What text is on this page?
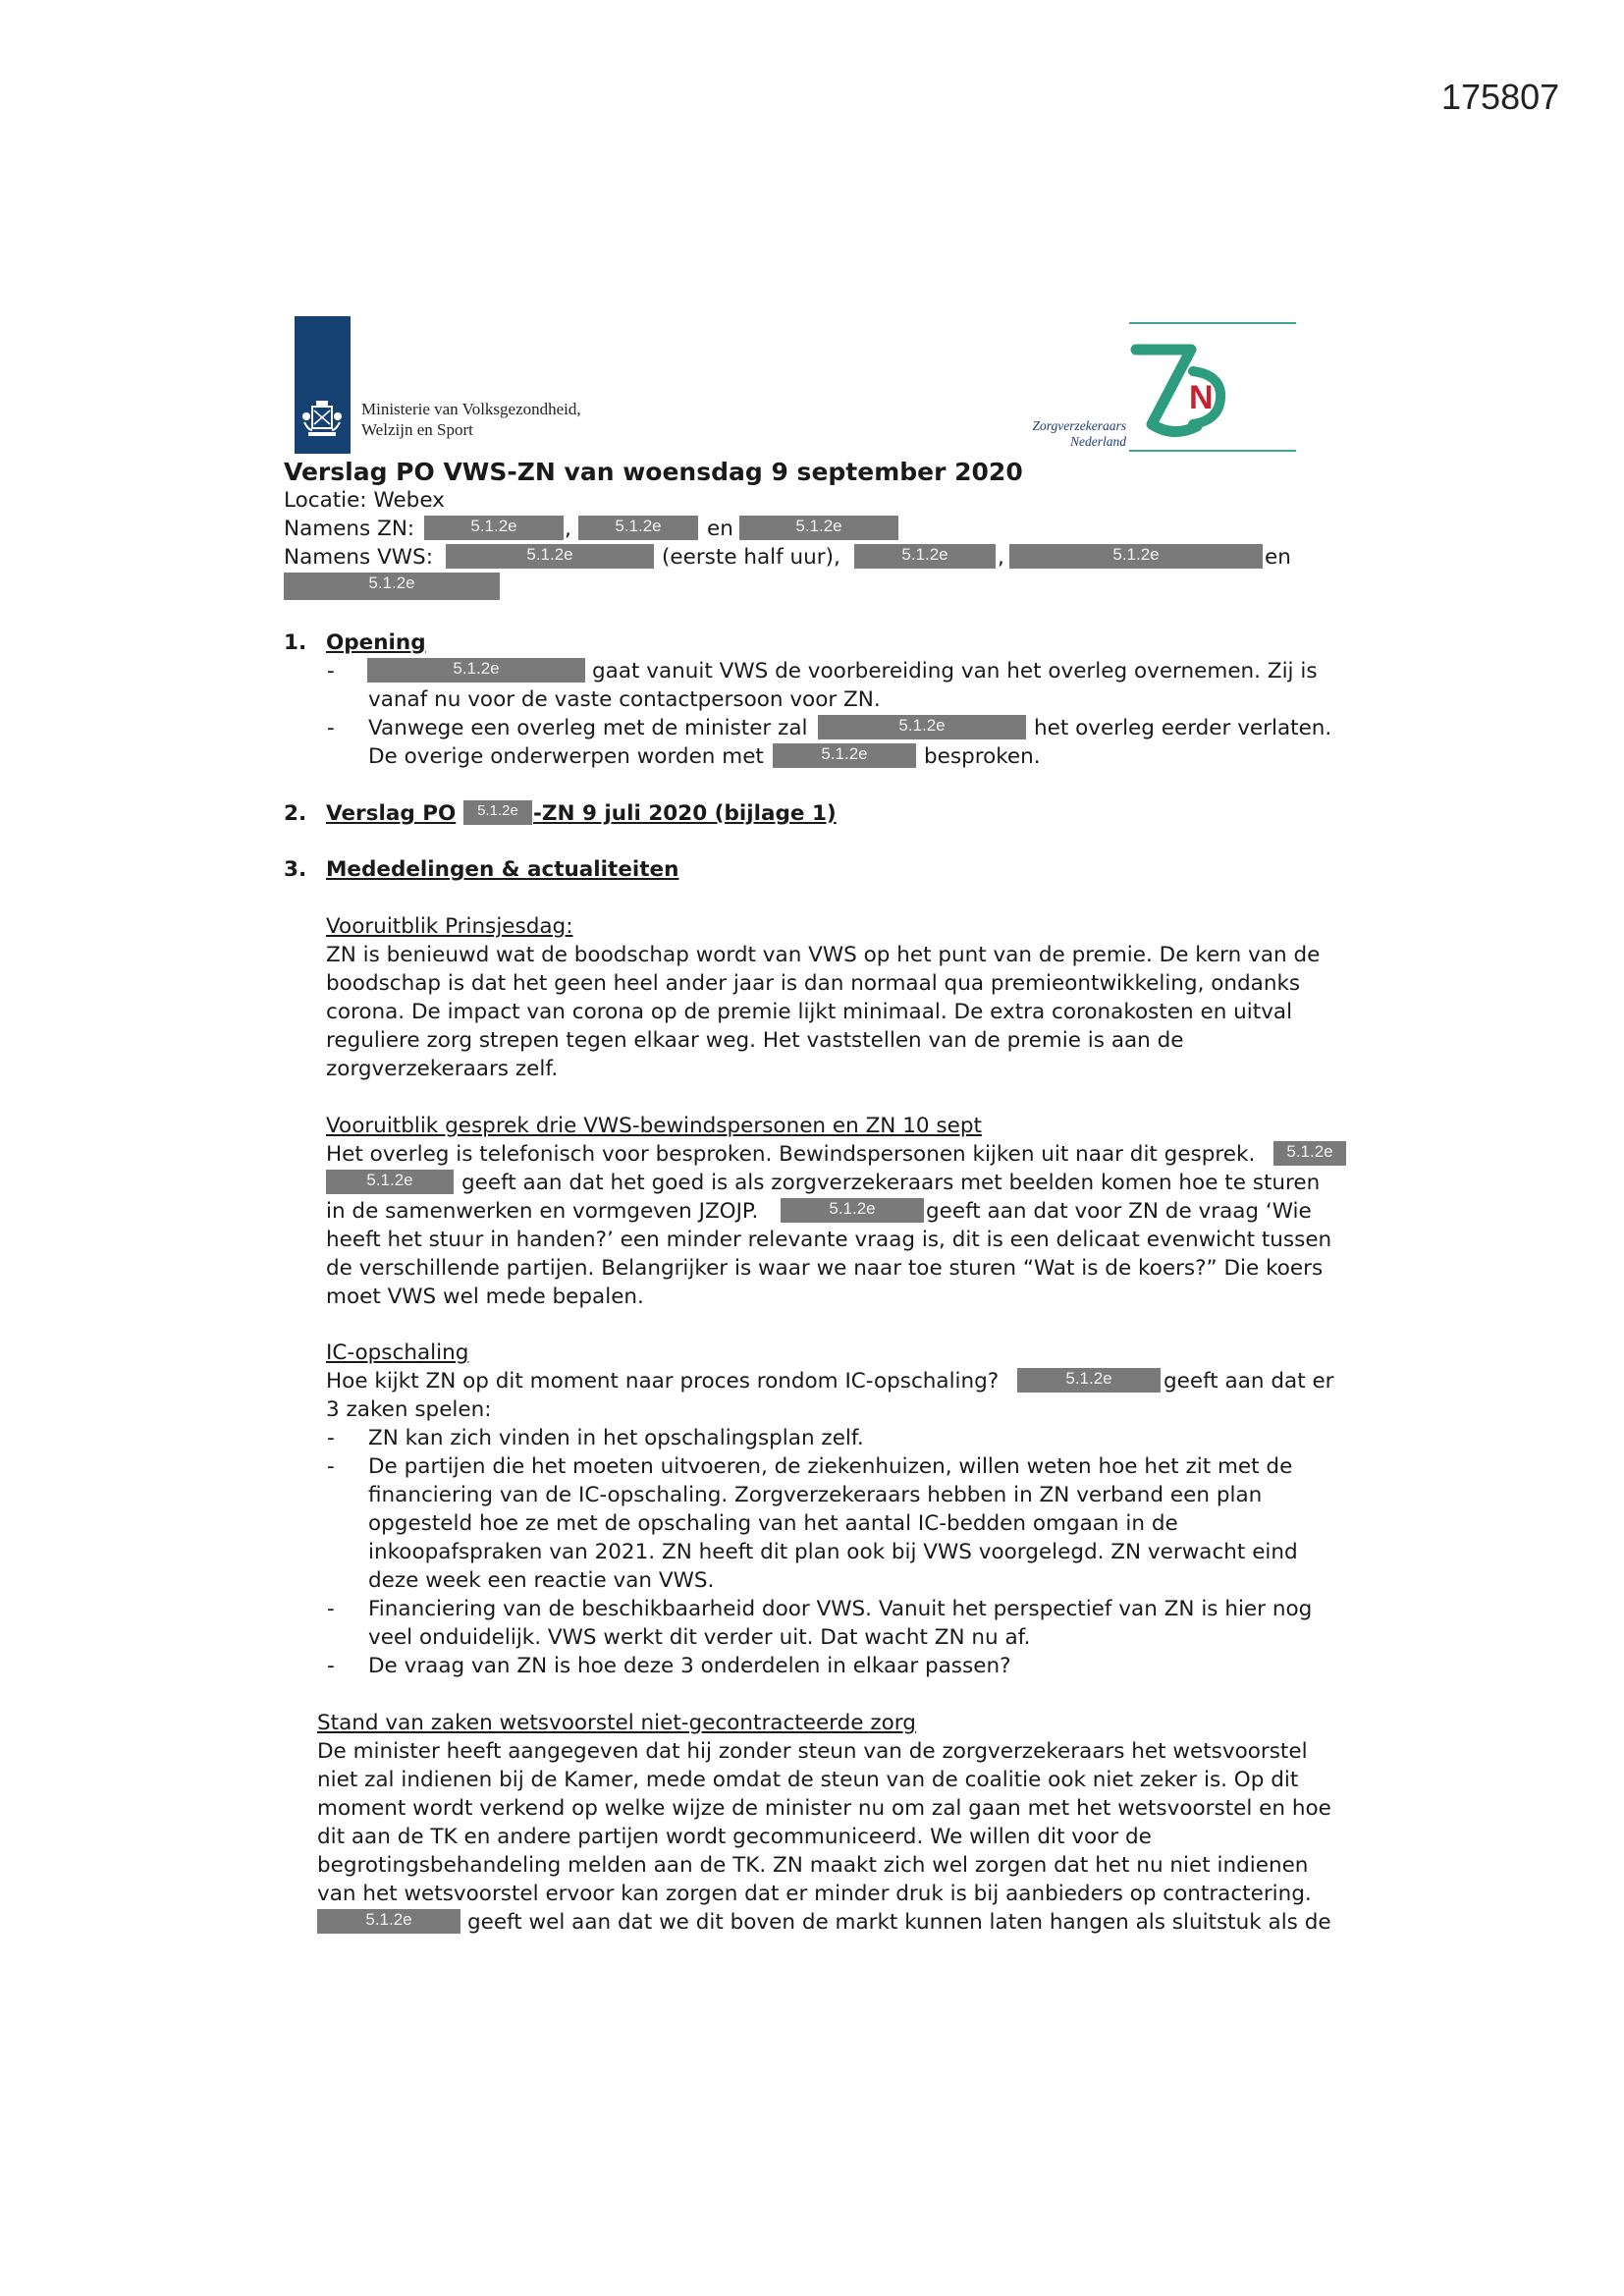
175807
Ministerie van Volksgezondheid,
Welzijn en Sport
N
Zorgverzekeraars
Nederland
Verslag PO VWS-ZN van woensdag 9 september 2020
Locatie: Webex
Namens ZN:	5.1.2e	,	5.1.2e	en	5.1.2e
Namens VWS:	5.1.2e	(eerste half uur),	5.1.2e	,	5.1.2e	en
5.1.2e
1. Opening
-	5.1.2e	gaat vanuit VWS de voorbereiding van het overleg overnemen. Zij is
vanaf nu voor de vaste contactpersoon voor ZN.
- Vanwege een overleg met de minister zal	5.1.2e	het overleg eerder verlaten.
De overige onderwerpen worden met	5.1.2e	besproken.
2. Verslag PO	5.1.2e -ZN 9 juli 2020 (bijlage 1)
3. Mededelingen & actualiteiten
Vooruitblik Prinsjesdag:
ZN is benieuwd wat de boodschap wordt van VWS op het punt van de premie. De kern van de
boodschap is dat het geen heel ander jaar is dan normaal qua premieontwikkeling, ondanks
corona. De impact van corona op de premie lijkt minimaal. De extra coronakosten en uitval
reguliere zorg strepen tegen elkaar weg. Het vaststellen van de premie is aan de
zorgverzekeraars zelf.
Vooruitblik gesprek drie VWS-bewindspersonen en ZN 10 sept
Het overleg is telefonisch voor besproken. Bewindspersonen kijken uit naar dit gesprek.	5.1.2e
5.1.2e	geeft aan dat het goed is als zorgverzekeraars met beelden komen hoe te sturen
in de samenwerken en vormgeven JZOJP.	5.1.2e	geeft aan dat voor ZN de vraag ‘Wie
heeft het stuur in handen?’ een minder relevante vraag is, dit is een delicaat evenwicht tussen
de verschillende partijen. Belangrijker is waar we naar toe sturen “Wat is de koers?” Die koers
moet VWS wel mede bepalen.
IC-opschaling
Hoe kijkt ZN op dit moment naar proces rondom IC-opschaling?	5.1.2e	geeft aan dat er
3 zaken spelen:
- ZN kan zich vinden in het opschalingsplan zelf.
- De partijen die het moeten uitvoeren, de ziekenhuizen, willen weten hoe het zit met de
financiering van de IC-opschaling. Zorgverzekeraars hebben in ZN verband een plan
opgesteld hoe ze met de opschaling van het aantal IC-bedden omgaan in de
inkoopafspraken van 2021. ZN heeft dit plan ook bij VWS voorgelegd. ZN verwacht eind
deze week een reactie van VWS.
- Financiering van de beschikbaarheid door VWS. Vanuit het perspectief van ZN is hier nog
veel onduidelijk. VWS werkt dit verder uit. Dat wacht ZN nu af.
- De vraag van ZN is hoe deze 3 onderdelen in elkaar passen?
Stand van zaken wetsvoorstel niet-gecontracteerde zorg
De minister heeft aangegeven dat hij zonder steun van de zorgverzekeraars het wetsvoorstel
niet zal indienen bij de Kamer, mede omdat de steun van de coalitie ook niet zeker is. Op dit
moment wordt verkend op welke wijze de minister nu om zal gaan met het wetsvoorstel en hoe
dit aan de TK en andere partijen wordt gecommuniceerd. We willen dit voor de
begrotingsbehandeling melden aan de TK. ZN maakt zich wel zorgen dat het nu niet indienen
van het wetsvoorstel ervoor kan zorgen dat er minder druk is bij aanbieders op contractering.
5.1.2e	geeft wel aan dat we dit boven de markt kunnen laten hangen als sluitstuk als de
